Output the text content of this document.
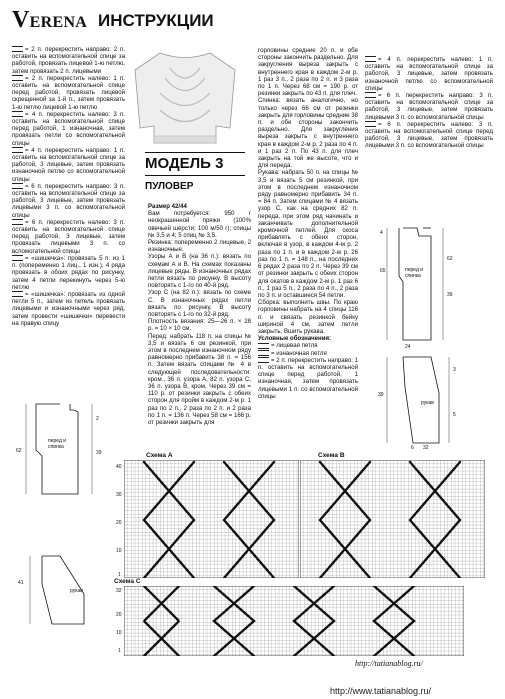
VERENA ИНСТРУКЦИИ

= 2 п. перекрестить направо: 2 п. оставить на вспомогательной спице за работой, провязать лицевой 1-ю петлю, затем провязать 2 п. лицевыми

= 2 п. перекрестить налево: 1 п. оставить на вспомогательной спице перед работой, провязать лицевой скрещенной за 1-й п., затем провязать 1-ю петлю лицевой 1-ю петлю

= 4 п. перекрестить налево: 3 п. оставить на вспомогательной спице перед работой, 1 изнаночная, затем провязать петли со вспомогательной спицы

= 4 п. перекрестить направо: 1 п. оставить на вспомогательной спице за работой, 3 лицевые, затем провязать изнаночной петлю со вспомогательной спицы

= 6 п. перекрестить направо: 3 п. оставить на вспомогательной спице за работой, 3 лицевые, затем провязать лицевыми 3 п. со вспомогательной спицы

= 6 п. перекрестить налево: 3 п. оставить на вспомогательной спице перед работой, 3 лицевые, затем провязать лицевыми 3 п. со вспомогательной спицы

= «шишечка»: провязать 5 п. из 1 п. (попеременно 1 лиц., 1 изн.), 4 ряда провязать в обоих рядах по рисунку, затем 4 петли перекинуть через 5-ю петлю

= «шишечка»: провязать из одной петли 5 п., затем из петель провязать лицевыми и изнаночными через ряд, затем провести «шишечки» перевести на правую спицу

МОДЕЛЬ 3
ПУЛОВЕР

Размер 42/44

Вам потребуется: 950 г неокрашенной пряжи (100% овечьей шерсти; 100 м/50 г); спицы № 3,5 и 4; 5 спиц № 3,5.

Резинка: попеременно 2 лицевые, 2 изнаночные.

Узоры А и В (на 36 п.): вязать по схемам А и В. На схемах показаны лицевые ряды. В изнаночных рядах петли вязать по рисунку. В высоту повторять с 1-го по 40-й ряд.

Узор С (на 82 п.): вязать по схеме С. В изнаночных рядах петли вязать по рисунку. В высоту повторять с 1-го по 32-й ряд.

Плотность вязания: 25—26 п. × 28 р. = 10 × 10 см.

Перед: набрать 118 п. на спицы № 3,5 и вязать 6 см резинкой, при этом в последнем изнаночном ряду равномерно прибавить 38 п. = 156 п. Затем вязать спицами № 4 в следующей последовательности: кром., 36 п. узора А, 82 п. узора С, 36 п. узора В, кром. Через 39 см = 110 р. от резинки закрыть с обеих сторон для пройм в каждом 2-м р. 1 раз по 2 п., 2 раза по 2 п. и 2 раза по 1 п. = 136 п. Через 58 см = 166 р. от резинки закрыть для

горловины средние 20 п. и обе стороны закончить раздельно. Для закругления выреза закрыть с внутреннего края в каждом 2-м р. 1 раз 3 п., 2 раза по 2 п. и 3 раза по 1 п. Через 68 см = 190 р. от резинки закрыть по 43 п. для плеч.

Спинка: вязать аналогично, но только через 66 см от резинки закрыть для горловины средние 38 п. и обе стороны закончить раздельно. Для закругления выреза закрыть с внутреннего края в каждом 2-м р. 2 раза по 4 п. и 1 раз 2 п. По 43 п. для плеч закрыть на той же высоте, что и для переда.

Рукава: набрать 50 п. на спицы № 3,5 и вязать 5 см резинкой, при этом в последнем изнаночном ряду равномерно прибавить 34 п. = 84 п. Затем спицами № 4 вязать узор С, как на средних 82 п. переда, при этом ряд начинать и заканчивать дополнительной кромочной петлей. Для скоса прибавлять с обеих сторон, включая в узор, в каждом 4-м р. 2 раза по 1 п. и в каждом 2-м р. 26 раз по 1 п. = 148 п., на последних 6 рядах 2 раза по 2 п. Через 39 см от резинки закрыть с обеих сторон для окатов в каждом 2-м р. 1 раз 6 п., 1 раз 5 п., 2 раза по 4 п., 2 раза по 3 п. и оставшиеся 54 петли.

Сборка: выполнить швы. По краю горловины набрать на 4 спицы 116 п. и связать резинкой бейку шириной 4 см, затем петли закрыть. Вшить рукава.

Условные обозначения:

= лицевая петля

= изнаночная петля

= 2 п. перекрестить направо: 1 п. оставить на вспомогательной спице перед работой, 1 изнаночная, затем провязать лицевыми 1 п. со вспомогательной спицы

= 4 п. перекрестить налево: 1 п. оставить на вспомогательной спице за работой, 3 лицевые, затем провязать изнаночной петлю со вспомогательной спицы

= 6 п. перекрестить направо: 3 п. оставить на вспомогательной спице за работой, 3 лицевые, затем провязать лицевыми 3 п. со вспомогательной спицы

= 6 п. перекрестить налево: 3 п. оставить на вспомогательной спице перед работой, 3 лицевые, затем провязать лицевыми 3 п. со вспомогательной спицы

перед и спинка
65
62
39
4
24
рукав
39
3
5
6 32
перед и спинка
62	39
2
рукав
41
Схема А	Схема В
40
30
20
10
1
Схема С
32
20
10
1
http://tatianablog.ru/
http://www.tatianablog.ru/
